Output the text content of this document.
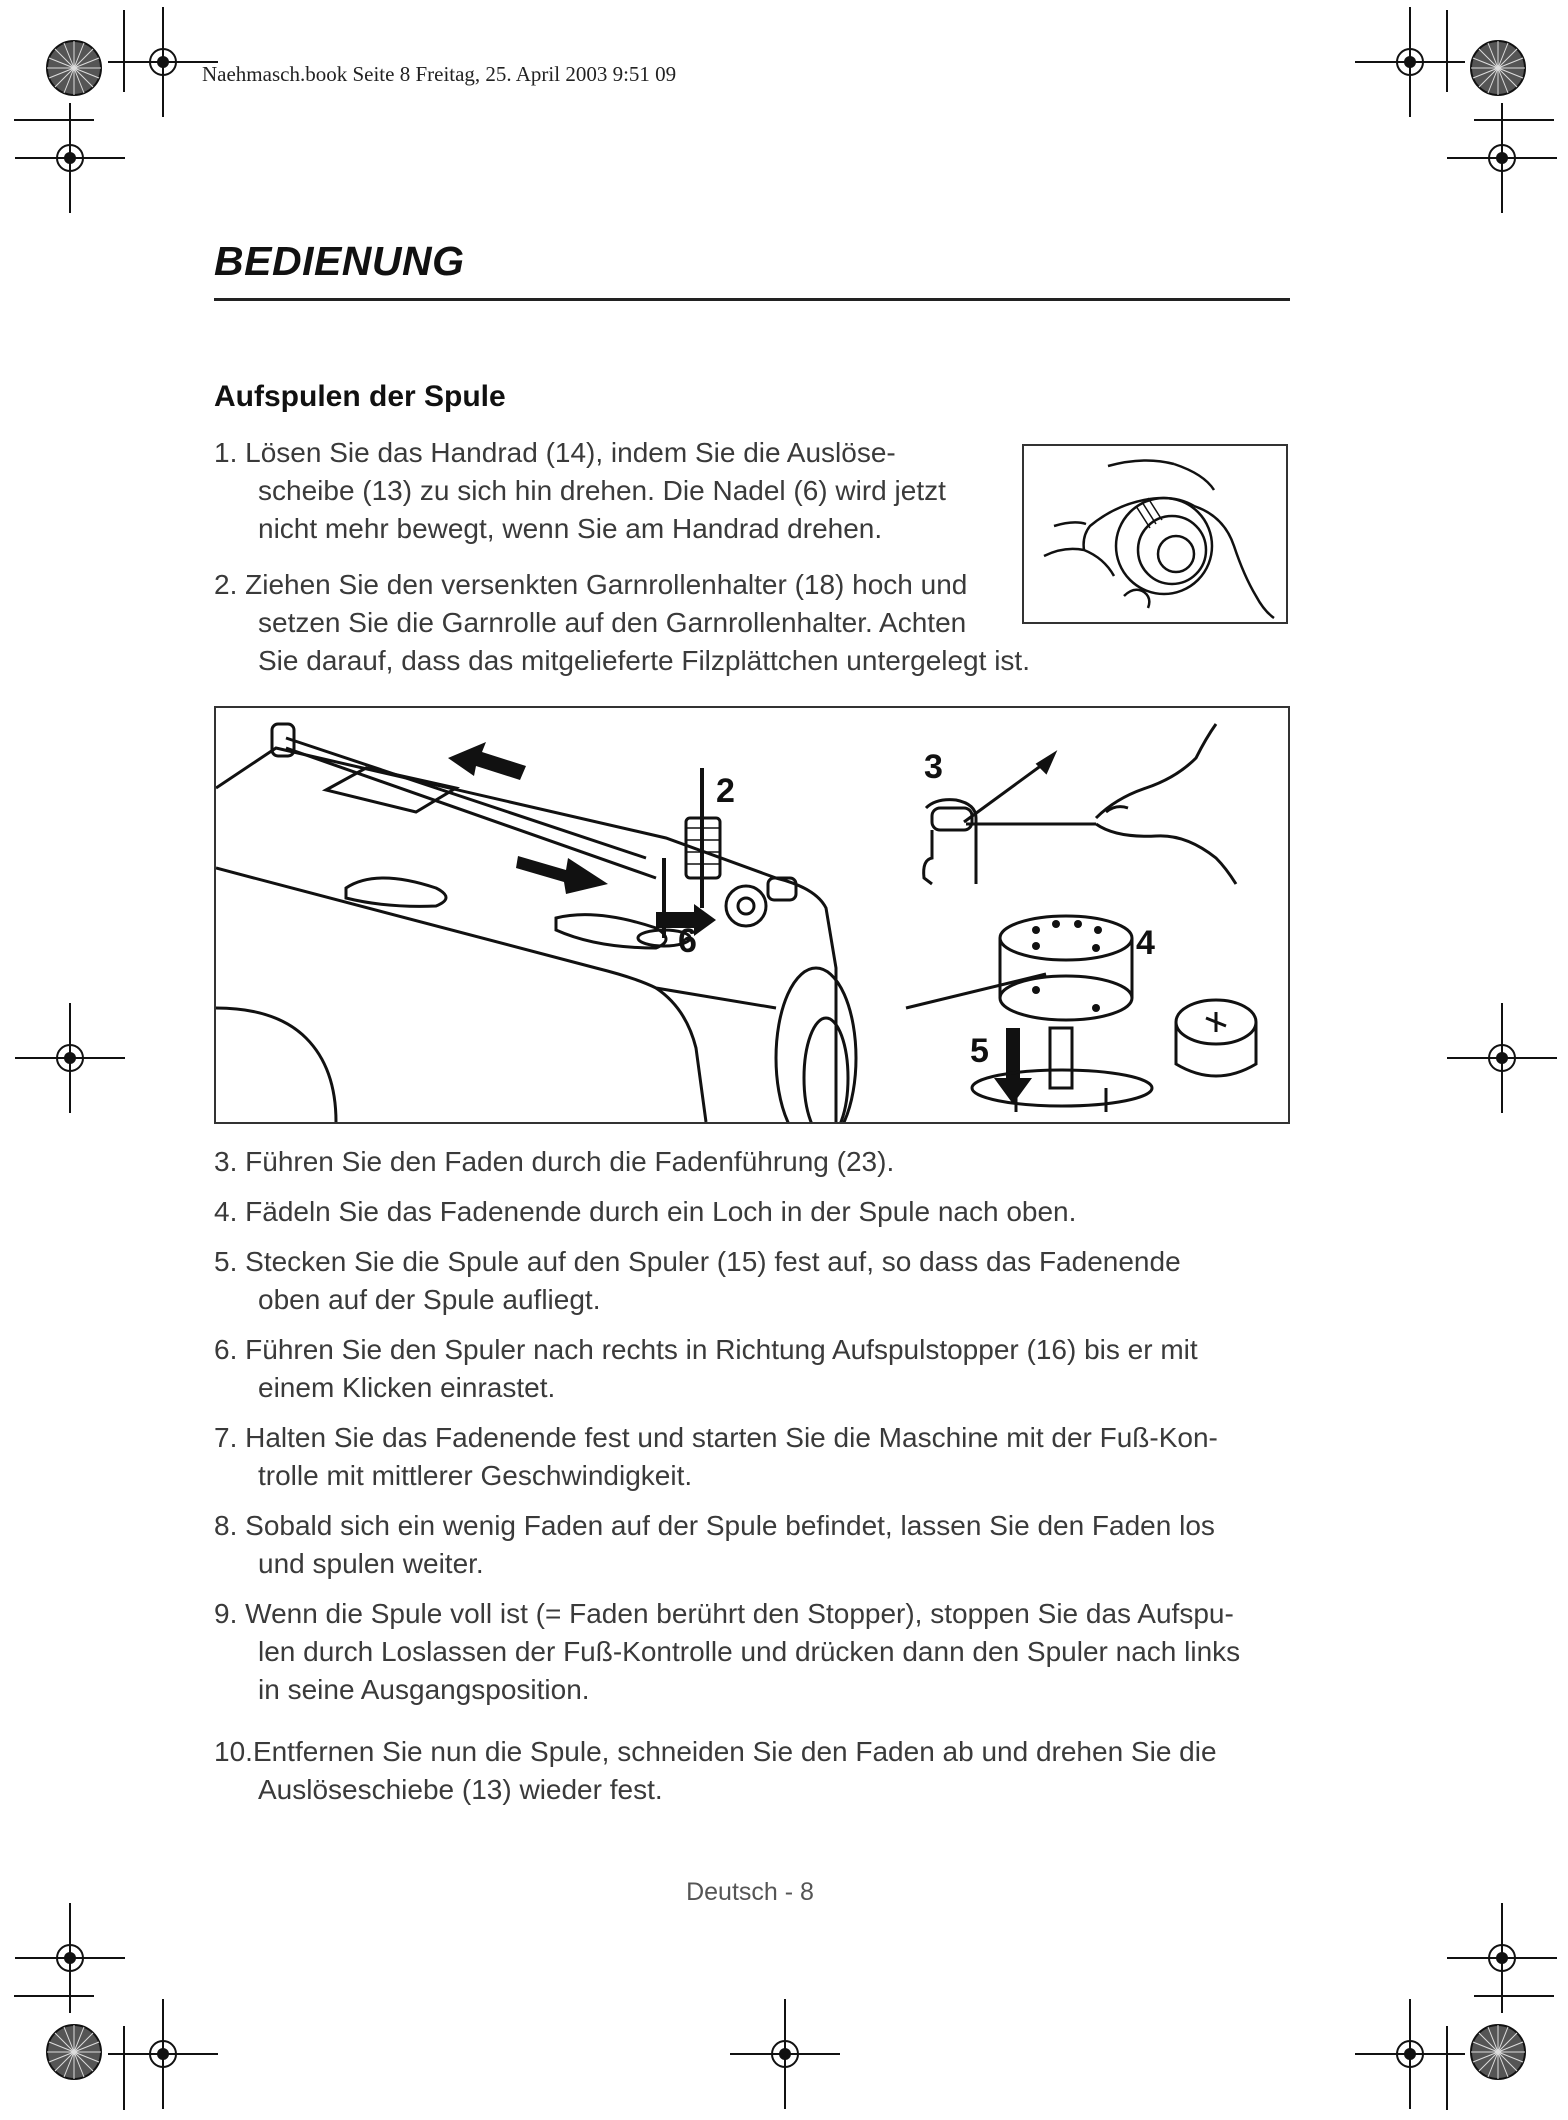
Naehmasch.book Seite 8 Freitag, 25. April 2003 9:51 09
BEDIENUNG
Aufspulen der Spule

1. Lösen Sie das Handrad (14), indem Sie die Auslöse-
scheibe (13) zu sich hin drehen. Die Nadel (6) wird jetzt
nicht mehr bewegt, wenn Sie am Handrad drehen.

2. Ziehen Sie den versenkten Garnrollenhalter (18) hoch und
setzen Sie die Garnrolle auf den Garnrollenhalter. Achten
Sie darauf, dass das mitgelieferte Filzplättchen untergelegt ist.

2
3
4
5
6

3. Führen Sie den Faden durch die Fadenführung (23).

4. Fädeln Sie das Fadenende durch ein Loch in der Spule nach oben.

5. Stecken Sie die Spule auf den Spuler (15) fest auf, so dass das Fadenende
oben auf der Spule aufliegt.

6. Führen Sie den Spuler nach rechts in Richtung Aufspulstopper (16) bis er mit
einem Klicken einrastet.

7. Halten Sie das Fadenende fest und starten Sie die Maschine mit der Fuß-Kon-
trolle mit mittlerer Geschwindigkeit.

8. Sobald sich ein wenig Faden auf der Spule befindet, lassen Sie den Faden los
und spulen weiter.

9. Wenn die Spule voll ist (= Faden berührt den Stopper), stoppen Sie das Aufspu-
len durch Loslassen der Fuß-Kontrolle und drücken dann den Spuler nach links
in seine Ausgangsposition.

10.Entfernen Sie nun die Spule, schneiden Sie den Faden ab und drehen Sie die
Auslöseschiebe (13) wieder fest.

Deutsch - 8
